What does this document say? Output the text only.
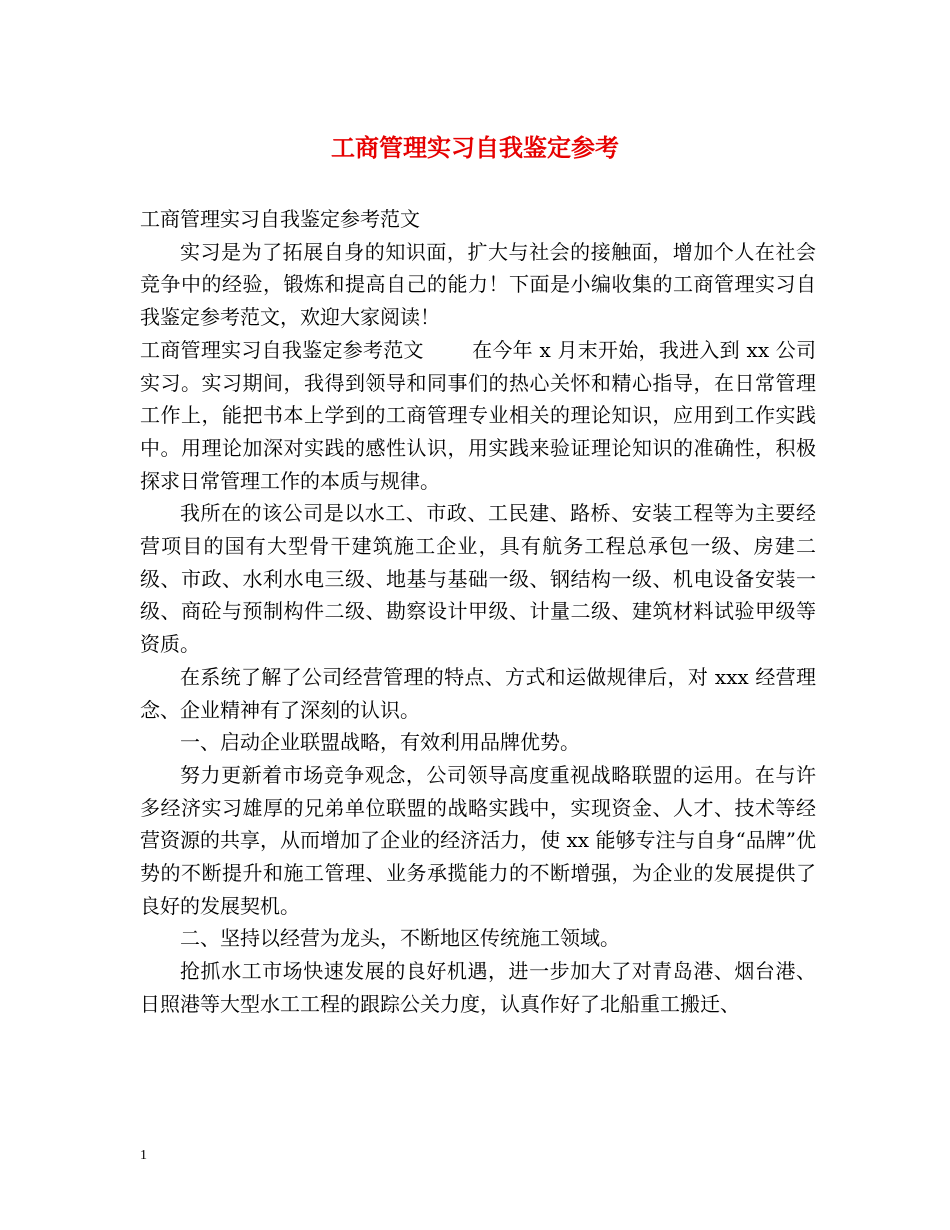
工商管理实习自我鉴定参考

工商管理实习自我鉴定参考范文

实习是为了拓展自身的知识面，扩大与社会的接触面，增加个人在社会竞争中的经验，锻炼和提高自己的能力！下面是小编收集的工商管理实习自我鉴定参考范文，欢迎大家阅读！

工商管理实习自我鉴定参考范文 在今年 x 月末开始，我进入到 xx 公司实习。实习期间，我得到领导和同事们的热心关怀和精心指导，在日常管理工作上，能把书本上学到的工商管理专业相关的理论知识，应用到工作实践中。用理论加深对实践的感性认识，用实践来验证理论知识的准确性，积极探求日常管理工作的本质与规律。

我所在的该公司是以水工、市政、工民建、路桥、安装工程等为主要经营项目的国有大型骨干建筑施工企业，具有航务工程总承包一级、房建二级、市政、水利水电三级、地基与基础一级、钢结构一级、机电设备安装一级、商砼与预制构件二级、勘察设计甲级、计量二级、建筑材料试验甲级等资质。

在系统了解了公司经营管理的特点、方式和运做规律后，对 xxx 经营理念、企业精神有了深刻的认识。

一、启动企业联盟战略，有效利用品牌优势。

努力更新着市场竞争观念，公司领导高度重视战略联盟的运用。在与许多经济实习雄厚的兄弟单位联盟的战略实践中，实现资金、人才、技术等经营资源的共享，从而增加了企业的经济活力，使 xx 能够专注与自身“品牌”优势的不断提升和施工管理、业务承揽能力的不断增强，为企业的发展提供了良好的发展契机。

二、坚持以经营为龙头，不断地区传统施工领域。

抢抓水工市场快速发展的良好机遇，进一步加大了对青岛港、烟台港、日照港等大型水工工程的跟踪公关力度，认真作好了北船重工搬迁、

1
